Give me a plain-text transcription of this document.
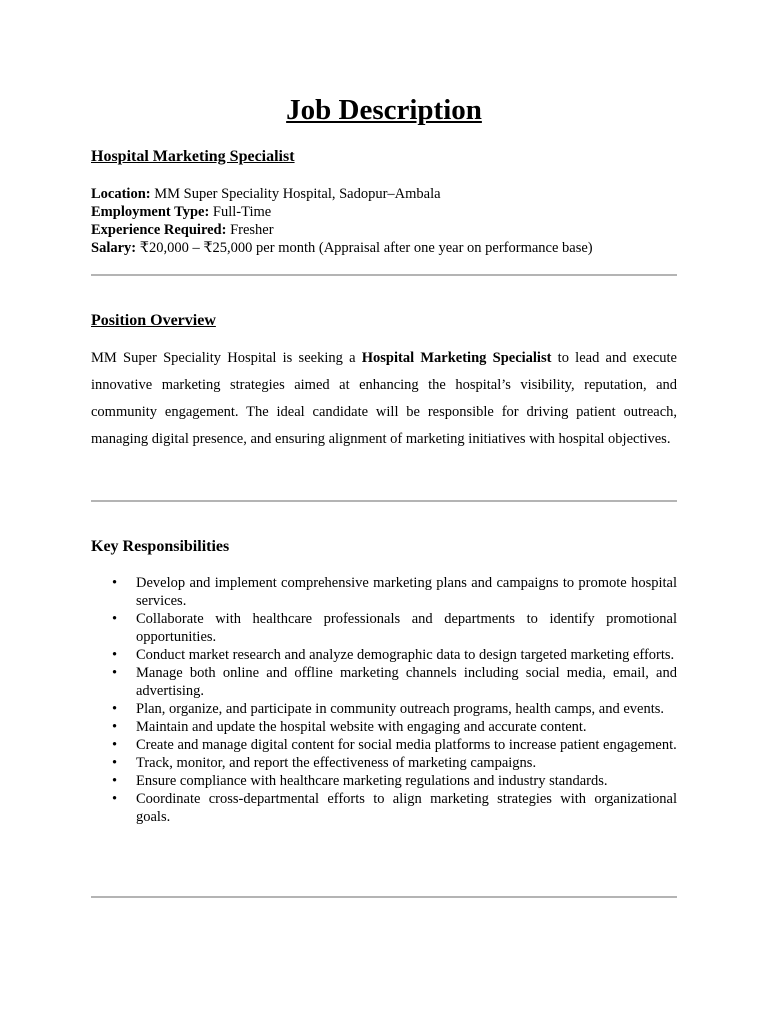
Job Description
Hospital Marketing Specialist
Location: MM Super Speciality Hospital, Sadopur–Ambala
Employment Type: Full-Time
Experience Required: Fresher
Salary: ₹20,000 – ₹25,000 per month (Appraisal after one year on performance base)
Position Overview

MM Super Speciality Hospital is seeking a Hospital Marketing Specialist to lead and execute innovative marketing strategies aimed at enhancing the hospital’s visibility, reputation, and community engagement. The ideal candidate will be responsible for driving patient outreach, managing digital presence, and ensuring alignment of marketing initiatives with hospital objectives.

Key Responsibilities
• Develop and implement comprehensive marketing plans and campaigns to promote hospital services.
• Collaborate with healthcare professionals and departments to identify promotional opportunities.
• Conduct market research and analyze demographic data to design targeted marketing efforts.
• Manage both online and offline marketing channels including social media, email, and advertising.
• Plan, organize, and participate in community outreach programs, health camps, and events.
• Maintain and update the hospital website with engaging and accurate content.
• Create and manage digital content for social media platforms to increase patient engagement.
• Track, monitor, and report the effectiveness of marketing campaigns.
• Ensure compliance with healthcare marketing regulations and industry standards.
• Coordinate cross-departmental efforts to align marketing strategies with organizational goals.
